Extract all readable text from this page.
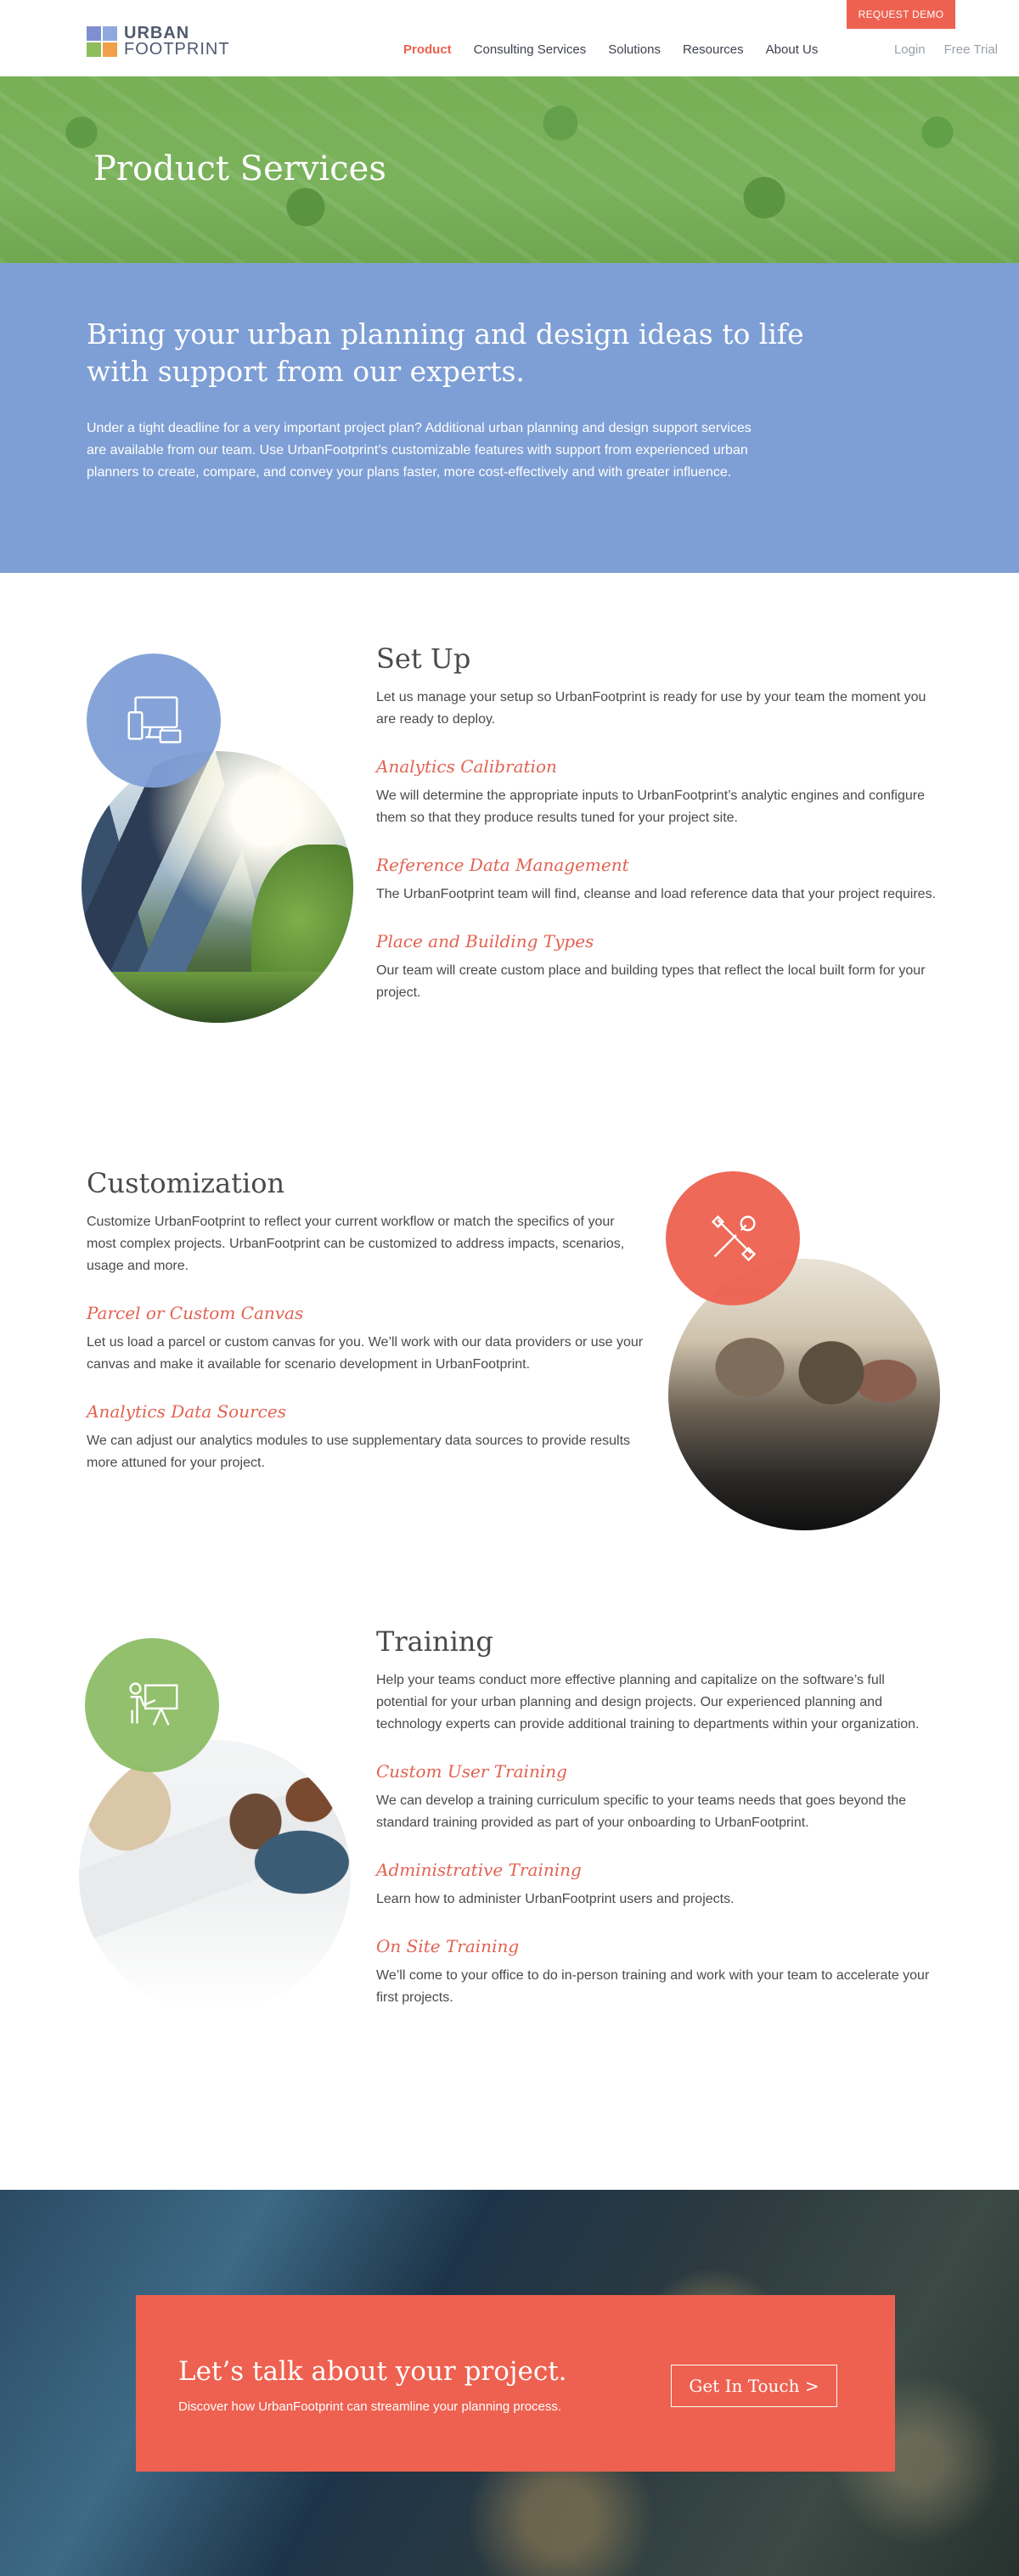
URBAN
FOOTPRINT
REQUEST DEMO
Product Consulting Services Solutions Resources About Us	Login Free Trial
Product Services
Bring your urban planning and design ideas to life with support from our experts.

Under a tight deadline for a very important project plan? Additional urban planning and design support services are available from our team. Use UrbanFootprint’s customizable features with support from experienced urban planners to create, compare, and convey your plans faster, more cost-effectively and with greater influence.

Set Up

Let us manage your setup so UrbanFootprint is ready for use by your team the moment you are ready to deploy.

Analytics Calibration

We will determine the appropriate inputs to UrbanFootprint’s analytic engines and configure them so that they produce results tuned for your project site.

Reference Data Management

The UrbanFootprint team will find, cleanse and load reference data that your project requires.

Place and Building Types

Our team will create custom place and building types that reflect the local built form for your project.

Customization

Customize UrbanFootprint to reflect your current workflow or match the specifics of your most complex projects. UrbanFootprint can be customized to address impacts, scenarios, usage and more.

Parcel or Custom Canvas

Let us load a parcel or custom canvas for you. We’ll work with our data providers or use your canvas and make it available for scenario development in UrbanFootprint.

Analytics Data Sources

We can adjust our analytics modules to use supplementary data sources to provide results more attuned for your project.

Training

Help your teams conduct more effective planning and capitalize on the software’s full potential for your urban planning and design projects. Our experienced planning and technology experts can provide additional training to departments within your organization.

Custom User Training

We can develop a training curriculum specific to your teams needs that goes beyond the standard training provided as part of your onboarding to UrbanFootprint.

Administrative Training

Learn how to administer UrbanFootprint users and projects.

On Site Training

We’ll come to your office to do in-person training and work with your team to accelerate your first projects.

Let’s talk about your project.

Discover how UrbanFootprint can streamline your planning process.

Get In Touch >
